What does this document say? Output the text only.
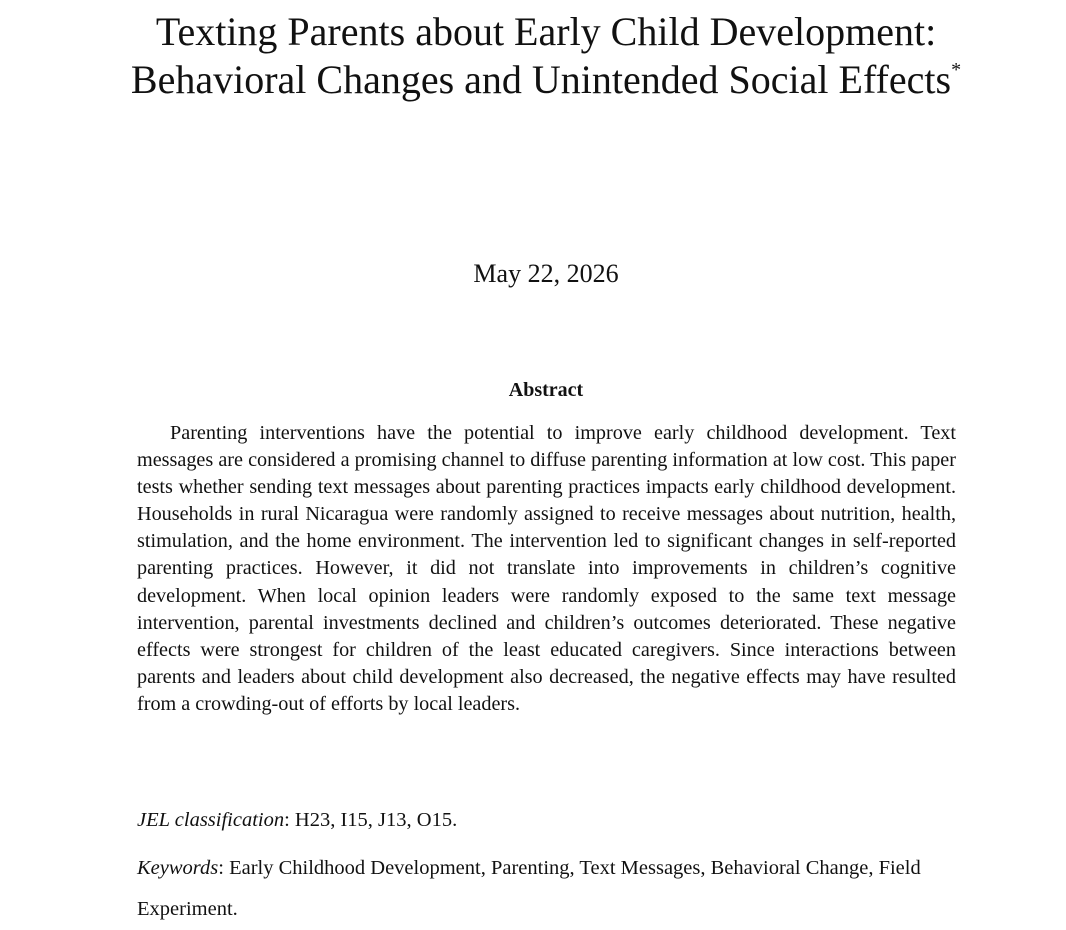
Texting Parents about Early Child Development:
Behavioral Changes and Unintended Social Effects*
May 22, 2026
Abstract

Parenting interventions have the potential to improve early childhood development. Text messages are considered a promising channel to diffuse parenting information at low cost. This paper tests whether sending text messages about parenting practices impacts early childhood development. Households in rural Nicaragua were randomly assigned to receive messages about nutrition, health, stimulation, and the home environment. The intervention led to significant changes in self-reported parenting practices. However, it did not translate into improvements in children’s cognitive development. When local opinion leaders were randomly exposed to the same text message intervention, parental investments declined and children’s outcomes deteriorated. These negative effects were strongest for children of the least educated caregivers. Since interactions between parents and leaders about child development also decreased, the negative effects may have resulted from a crowding-out of efforts by local leaders.

JEL classification: H23, I15, J13, O15.

Keywords: Early Childhood Development, Parenting, Text Messages, Behavioral Change, Field Experiment.
